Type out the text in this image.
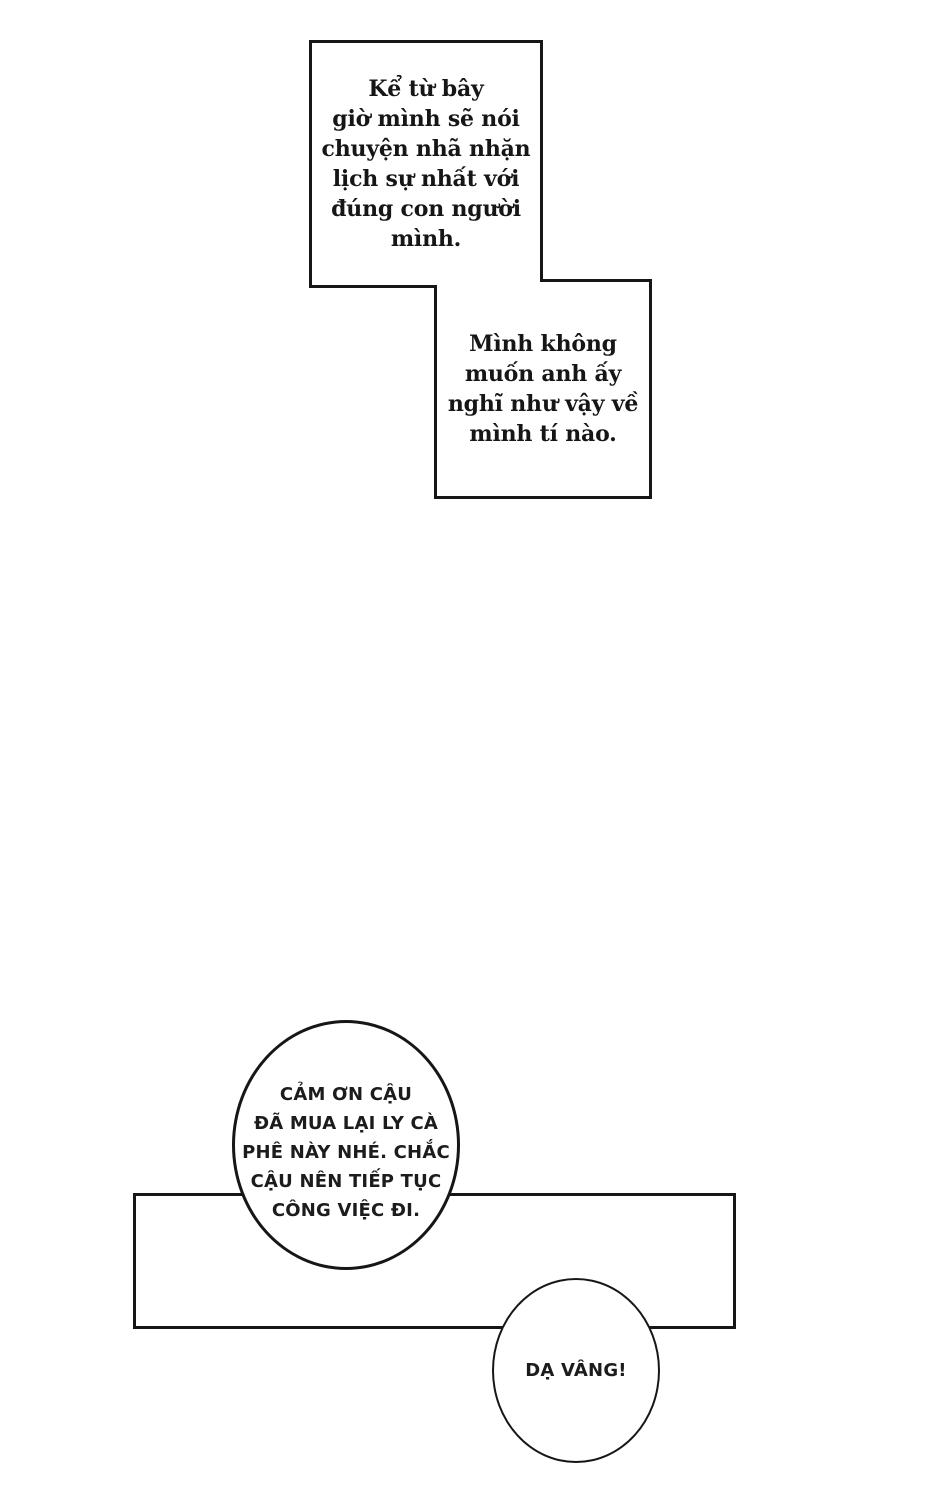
Kể từ bây
giờ mình sẽ nói
chuyện nhã nhặn
lịch sự nhất với
đúng con người
mình.
Mình không
muốn anh ấy
nghĩ như vậy về
mình tí nào.
CẢM ƠN CẬU
ĐÃ MUA LẠI LY CÀ
PHÊ NÀY NHÉ. CHẮC
CẬU NÊN TIẾP TỤC
CÔNG VIỆC ĐI.
DẠ VÂNG!
